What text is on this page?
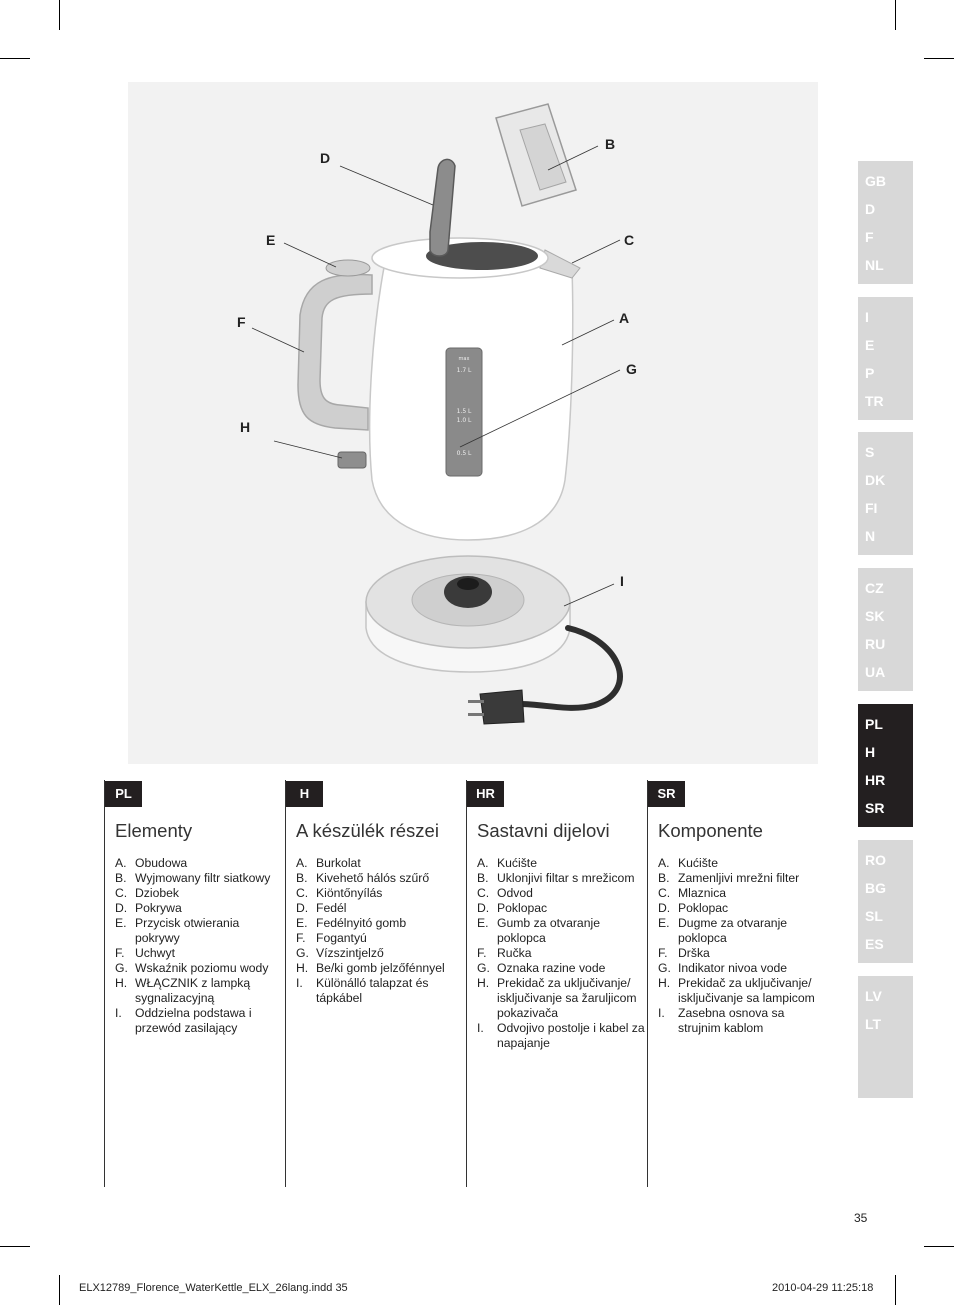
max
1.7 L
1.5 L
1.0 L
0.5 L
D
B
E	C
F	A
G
H
I
GB
D
F
NL
I
E
P
TR
S
DK
FI
N
CZ
SK
RU
UA
PL
H
HR
SR
RO
BG
SL
ES
LV
LT
PL
Elementy
A. Obudowa
B. Wyjmowany filtr siatkowy
C. Dziobek
D. Pokrywa
E. Przycisk otwierania pokrywy
F. Uchwyt
G. Wskaźnik poziomu wody
H. WŁĄCZNIK z lampką sygnalizacyjną
I. Oddzielna podstawa i przewód zasilający
H
A készülék részei
A. Burkolat
B. Kivehető hálós szűrő
C. Kiöntőnyílás
D. Fedél
E. Fedélnyitó gomb
F. Fogantyú
G. Vízszintjelző
H. Be/ki gomb jelzőfénnyel
I. Különálló talapzat és tápkábel
HR
Sastavni dijelovi
A. Kućište
B. Uklonjivi filtar s mrežicom
C. Odvod
D. Poklopac
E. Gumb za otvaranje poklopca
F. Ručka
G. Oznaka razine vode
H. Prekidač za uključivanje/ isključivanje sa žaruljicom pokazivača
I. Odvojivo postolje i kabel za napajanje
SR
Komponente
A. Kućište
B. Zamenljivi mrežni filter
C. Mlaznica
D. Poklopac
E. Dugme za otvaranje poklopca
F. Drška
G. Indikator nivoa vode
H. Prekidač za uključivanje/ isključivanje sa lampicom
I. Zasebna osnova sa strujnim kablom
35
ELX12789_Florence_WaterKettle_ELX_26lang.indd 35	2010-04-29 11:25:18
